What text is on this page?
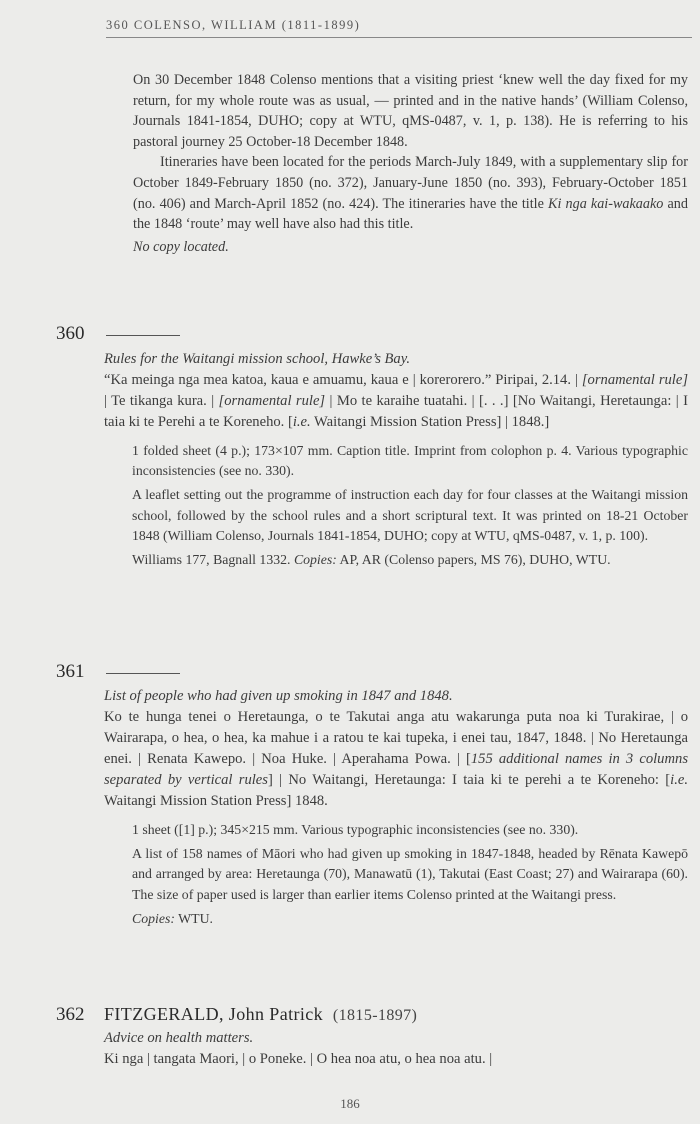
360 COLENSO, WILLIAM (1811-1899)

On 30 December 1848 Colenso mentions that a visiting priest ‘knew well the day fixed for my return, for my whole route was as usual, — printed and in the native hands’ (William Colenso, Journals 1841-1854, DUHO; copy at WTU, qMS-0487, v. 1, p. 138). He is referring to his pastoral journey 25 October-18 December 1848.

Itineraries have been located for the periods March-July 1849, with a supplementary slip for October 1849-February 1850 (no. 372), January-June 1850 (no. 393), February-October 1851 (no. 406) and March-April 1852 (no. 424). The itineraries have the title Ki nga kai-wakaako and the 1848 ‘route’ may well have also had this title.

No copy located.

360

Rules for the Waitangi mission school, Hawke’s Bay.

“Ka meinga nga mea katoa, kaua e amuamu, kaua e | korerorero.” Piripai, 2.14. | [ornamental rule] | Te tikanga kura. | [ornamental rule] | Mo te karaihe tuatahi. | [. . .] [No Waitangi, Heretaunga: | I taia ki te Perehi a te Koreneho. [i.e. Waitangi Mission Station Press] | 1848.]

1 folded sheet (4 p.); 173×107 mm. Caption title. Imprint from colophon p. 4. Various typographic inconsistencies (see no. 330).

A leaflet setting out the programme of instruction each day for four classes at the Waitangi mission school, followed by the school rules and a short scriptural text. It was printed on 18-21 October 1848 (William Colenso, Journals 1841-1854, DUHO; copy at WTU, qMS-0487, v. 1, p. 100).

Williams 177, Bagnall 1332. Copies: AP, AR (Colenso papers, MS 76), DUHO, WTU.

361

List of people who had given up smoking in 1847 and 1848.

Ko te hunga tenei o Heretaunga, o te Takutai anga atu wakarunga puta noa ki Turakirae, | o Wairarapa, o hea, o hea, ka mahue i a ratou te kai tupeka, i enei tau, 1847, 1848. | No Heretaunga enei. | Renata Kawepo. | Noa Huke. | Aperahama Powa. | [155 additional names in 3 columns separated by vertical rules] | No Waitangi, Heretaunga: I taia ki te perehi a te Koreneho: [i.e. Waitangi Mission Station Press] 1848.

1 sheet ([1] p.); 345×215 mm. Various typographic inconsistencies (see no. 330).

A list of 158 names of Māori who had given up smoking in 1847-1848, headed by Rēnata Kawepō and arranged by area: Heretaunga (70), Manawatū (1), Takutai (East Coast; 27) and Wairarapa (60). The size of paper used is larger than earlier items Colenso printed at the Waitangi press.

Copies: WTU.

362 FITZGERALD, John Patrick (1815-1897)

Advice on health matters.

Ki nga | tangata Maori, | o Poneke. | O hea noa atu, o hea noa atu. |

186
